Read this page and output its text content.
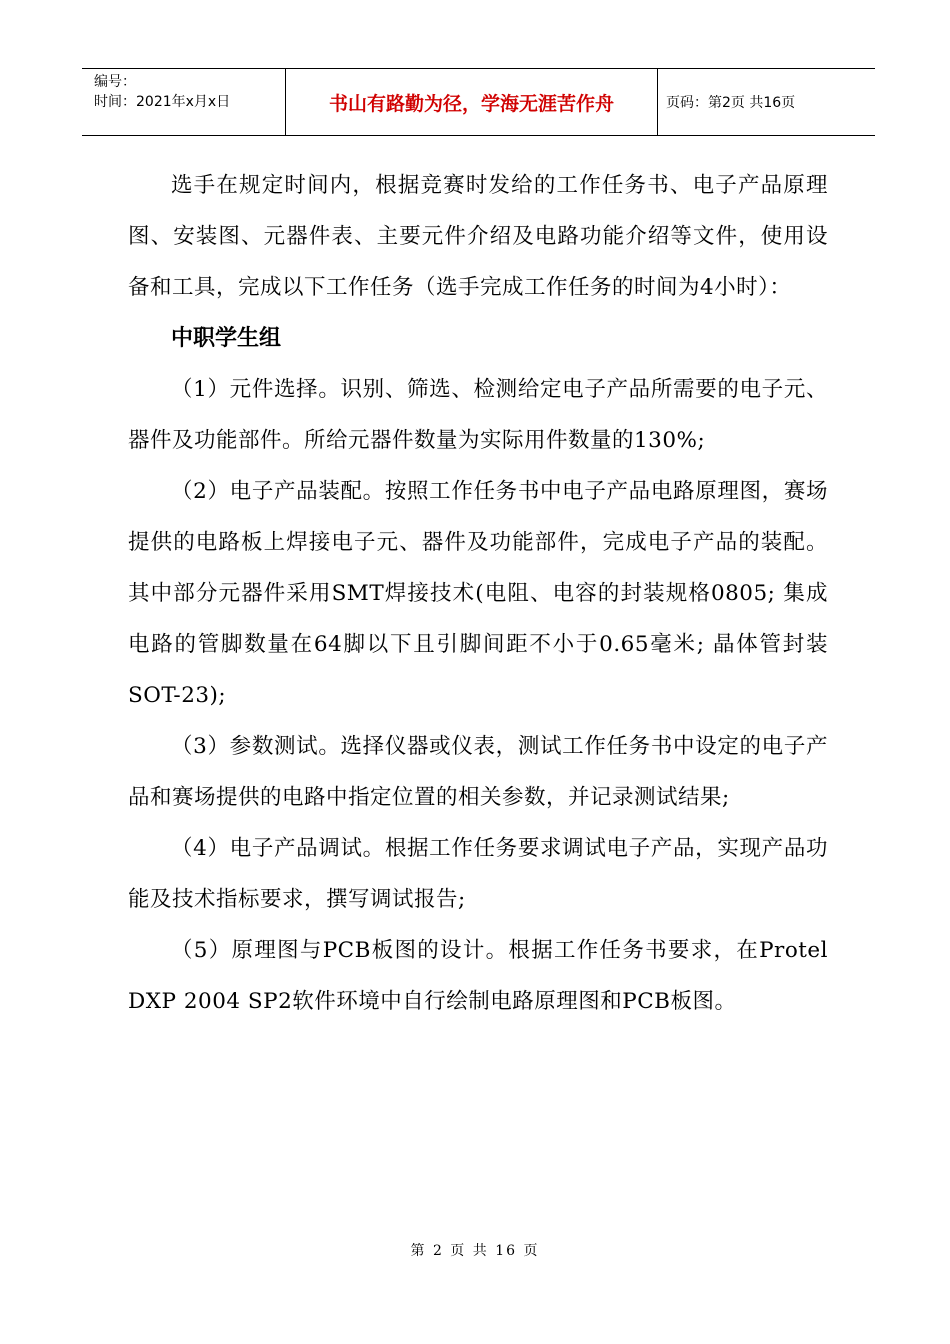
编号：
时间：2021年x月x日	书山有路勤为径，学海无涯苦作舟	页码：第2页 共16页

选手在规定时间内，根据竞赛时发给的工作任务书、电子产品原理图、安装图、元器件表、主要元件介绍及电路功能介绍等文件，使用设备和工具，完成以下工作任务（选手完成工作任务的时间为4小时）：

中职学生组

（1）元件选择。识别、筛选、检测给定电子产品所需要的电子元、器件及功能部件。所给元器件数量为实际用件数量的130%;

（2）电子产品装配。按照工作任务书中电子产品电路原理图，赛场提供的电路板上焊接电子元、器件及功能部件，完成电子产品的装配。其中部分元器件采用SMT焊接技术(电阻、电容的封装规格0805; 集成电路的管脚数量在64脚以下且引脚间距不小于0.65毫米; 晶体管封装SOT-23);

（3）参数测试。选择仪器或仪表，测试工作任务书中设定的电子产品和赛场提供的电路中指定位置的相关参数，并记录测试结果;

（4）电子产品调试。根据工作任务要求调试电子产品，实现产品功能及技术指标要求，撰写调试报告;

（5）原理图与PCB板图的设计。根据工作任务书要求，在Protel DXP 2004 SP2软件环境中自行绘制电路原理图和PCB板图。

第 2 页 共 16 页
